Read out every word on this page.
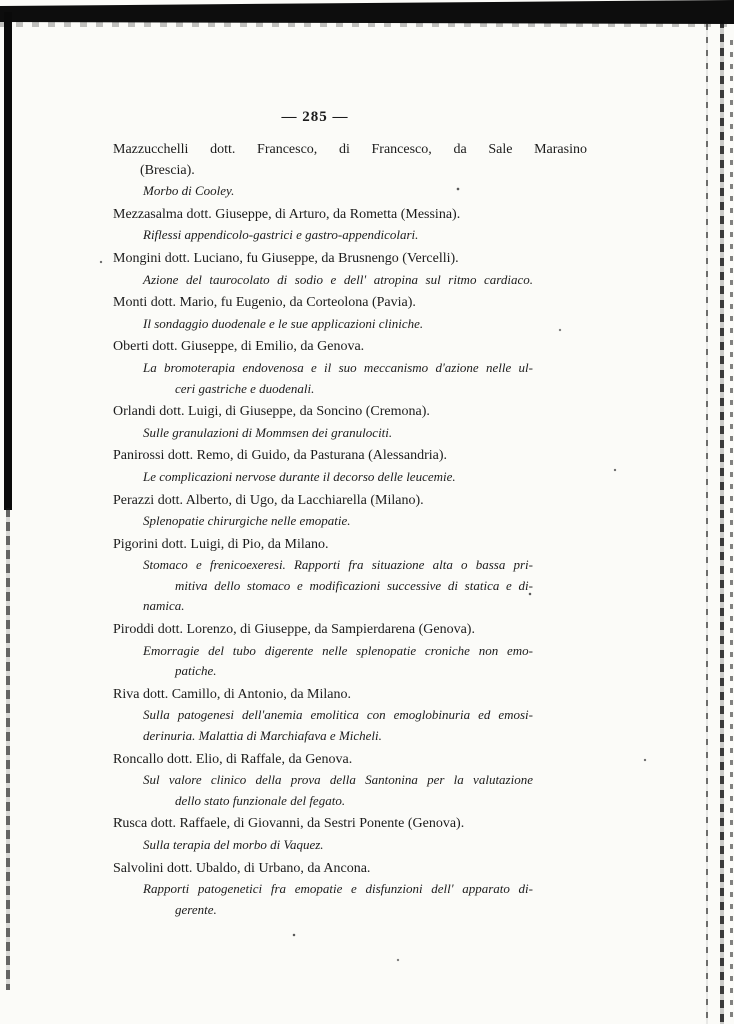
— 285 —
Mazzucchelli dott. Francesco, di Francesco, da Sale Marasino
(Brescia).
Morbo di Cooley.
Mezzasalma dott. Giuseppe, di Arturo, da Rometta (Messina).
Riflessi appendicolo-gastrici e gastro-appendicolari.
Mongini dott. Luciano, fu Giuseppe, da Brusnengo (Vercelli).
Azione del taurocolato di sodio e dell' atropina sul ritmo cardiaco.
Monti dott. Mario, fu Eugenio, da Corteolona (Pavia).
Il sondaggio duodenale e le sue applicazioni cliniche.
Oberti dott. Giuseppe, di Emilio, da Genova.
La bromoterapia endovenosa e il suo meccanismo d'azione nelle ul-
ceri gastriche e duodenali.
Orlandi dott. Luigi, di Giuseppe, da Soncino (Cremona).
Sulle granulazioni di Mommsen dei granulociti.
Panirossi dott. Remo, di Guido, da Pasturana (Alessandria).
Le complicazioni nervose durante il decorso delle leucemie.
Perazzi dott. Alberto, di Ugo, da Lacchiarella (Milano).
Splenopatie chirurgiche nelle emopatie.
Pigorini dott. Luigi, di Pio, da Milano.
Stomaco e frenicoexeresi. Rapporti fra situazione alta o bassa pri-
mitiva dello stomaco e modificazioni successive di statica e di-
namica.
Piroddi dott. Lorenzo, di Giuseppe, da Sampierdarena (Genova).
Emorragie del tubo digerente nelle splenopatie croniche non emo-
patiche.
Riva dott. Camillo, di Antonio, da Milano.
Sulla patogenesi dell'anemia emolitica con emoglobinuria ed emosi-
derinuria. Malattia di Marchiafava e Micheli.
Roncallo dott. Elio, di Raffale, da Genova.
Sul valore clinico della prova della Santonina per la valutazione
dello stato funzionale del fegato.
Rusca dott. Raffaele, di Giovanni, da Sestri Ponente (Genova).
Sulla terapia del morbo di Vaquez.
Salvolini dott. Ubaldo, di Urbano, da Ancona.
Rapporti patogenetici fra emopatie e disfunzioni dell' apparato di-
gerente.
